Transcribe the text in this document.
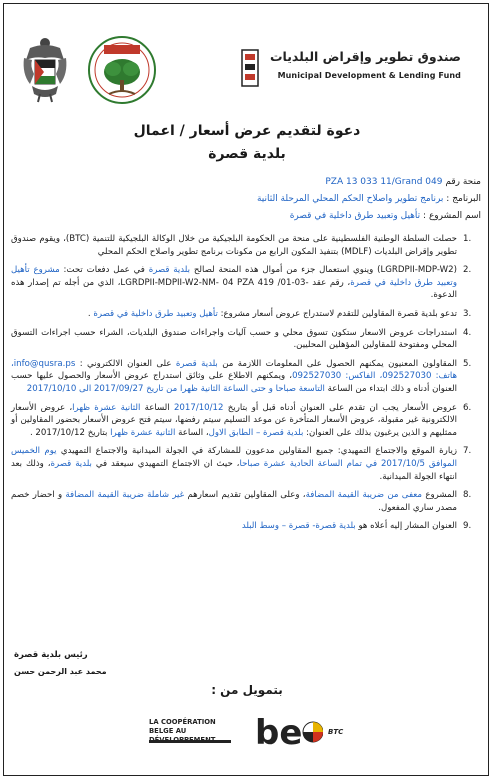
صندوق تطوير وإقراض البلديات
Municipal Development & Lending Fund
دعوة لتقديم عرض أسعار / اعمال
بلدية قصرة
منحة رقم PZA 13 033 11/Grand 049
البرنامج : برنامج تطوير واصلاح الحكم المحلي المرحلة الثانية
اسم المشروع : تأهيل وتعبيد طرق داخلية في قصرة
.1
حصلت السلطة الوطنية الفلسطينية على منحة من الحكومة البلجيكية من خلال الوكالة البلجيكية للتنمية (BTC)، ويقوم صندوق تطوير وإقراض البلديات (MDLF) بتنفيذ المكون الرابع من مكونات برنامج تطوير واصلاح الحكم المحلي
.2
(LGRDPII-MDP-W2) وينوي استعمال جزء من أموال هذه المنحة لصالح بلدية قصرة في عمل دفعات تحت: مشروع تأهيل وتعبيد طرق داخلية في قصرة، رقم عقد -03-LGRDPII-MDPII-W2-NM- 04 PZA 419 /01، الذي من أجله تم إصدار هذه الدعوة.
.3
تدعو بلدية قصرة المقاولين للتقدم لاستدراج عروض أسعار مشروع: تأهيل وتعبيد طرق داخلية في قصرة .
.4
استدراجات عروض الاسعار ستكون تسوق محلي و حسب آليات واجراءات صندوق البلديات، الشراء حسب اجراءات التسوق المحلي ومفتوحة للمقاولين المؤهلين المحليين.
.5
المقاولون المعنيون يمكنهم الحصول على المعلومات اللازمة من بلدية قصرة على العنوان الالكتروني : info@qusra.ps، هاتف: 092527030، الفاكس: 092527030، ويمكنهم الاطلاع على وثائق استدراج عروض الأسعار والحصول عليها حسب العنوان أدناه و ذلك ابتداء من الساعة التاسعة صباحا و حتى الساعة الثانية ظهرا من تاريخ 2017/09/27 الى 2017/10/10
.6
عروض الأسعار يجب ان تقدم على العنوان أدناه قبل أو بتاريخ 2017/10/12 الساعة الثانية عشرة ظهرا، عروض الأسعار الالكترونية غير مقبولة، عروض الأسعار المتأخرة عن موعد التسليم سيتم رفضها، سيتم فتح عروض الأسعار بحضور المقاولين أو ممثليهم و الذين يرغبون بذلك على العنوان: بلدية قصرة – الطابق الاول، الساعة الثانية عشرة ظهرا بتاريخ 2017/10/12 .
.7
زيارة الموقع والاجتماع التمهيدي: جميع المقاولين مدعوون للمشاركة في الجولة الميدانية والاجتماع التمهيدي يوم الخميس الموافق 2017/10/5 في تمام الساعة الحادية عشرة صباحا، حيث ان الاجتماع التمهيدي سيعقد في بلدية قصرة، وذلك بعد انتهاء الجولة الميدانية.
.8
المشروع معفى من ضريبة القيمة المضافة، وعلى المقاولين تقديم اسعارهم غير شاملة ضريبة القيمة المضافة و احضار خصم مصدر ساري المفعول.
.9
العنوان المشار إليه أعلاه هو بلدية قصرة- قصرة – وسط البلد
رئيس بلدية قصرة
محمد عبد الرحمن حسن
بتمويل من :
LA COOPÉRATION
BELGE AU	be	BTC
